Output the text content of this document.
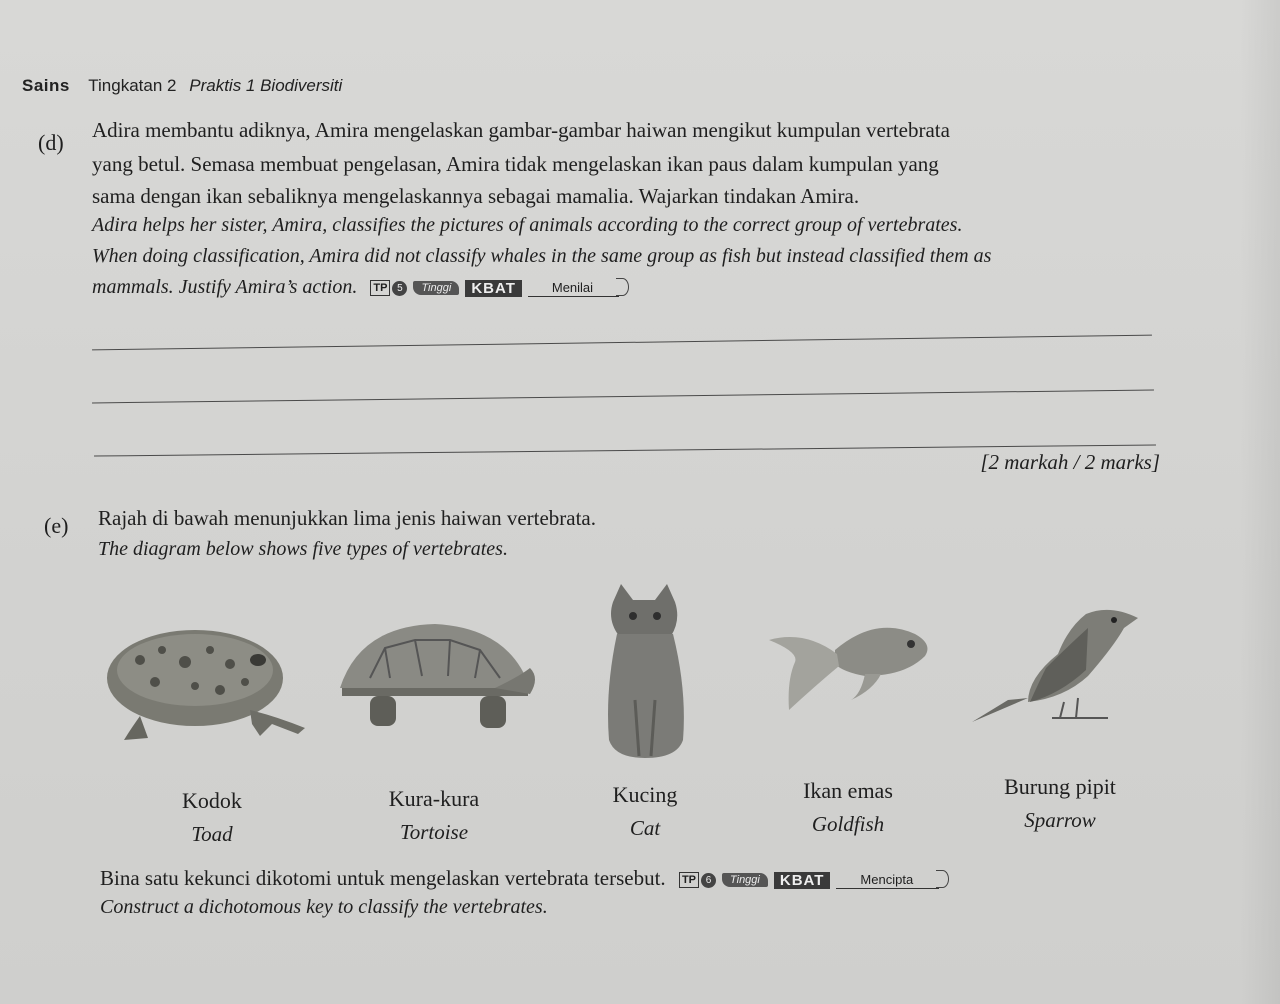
Sains Tingkatan 2 Praktis 1 Biodiversiti
(d) Adira membantu adiknya, Amira mengelaskan gambar-gambar haiwan mengikut kumpulan vertebrata
yang betul. Semasa membuat pengelasan, Amira tidak mengelaskan ikan paus dalam kumpulan yang
sama dengan ikan sebaliknya mengelaskannya sebagai mamalia. Wajarkan tindakan Amira.
Adira helps her sister, Amira, classifies the pictures of animals according to the correct group of vertebrates.
When doing classification, Amira did not classify whales in the same group as fish but instead classified them as
mammals. Justify Amira’s action. TP 5	Tinggi	KBAT	Menilai
[2 markah / 2 marks]
(e) Rajah di bawah menunjukkan lima jenis haiwan vertebrata.
The diagram below shows five types of vertebrates.
Kodok
Toad
Kura-kura
Tortoise
Kucing
Cat
Ikan emas
Goldfish
Burung pipit
Sparrow
Bina satu kekunci dikotomi untuk mengelaskan vertebrata tersebut. TP 6	Tinggi	KBAT	Mencipta
Construct a dichotomous key to classify the vertebrates.
